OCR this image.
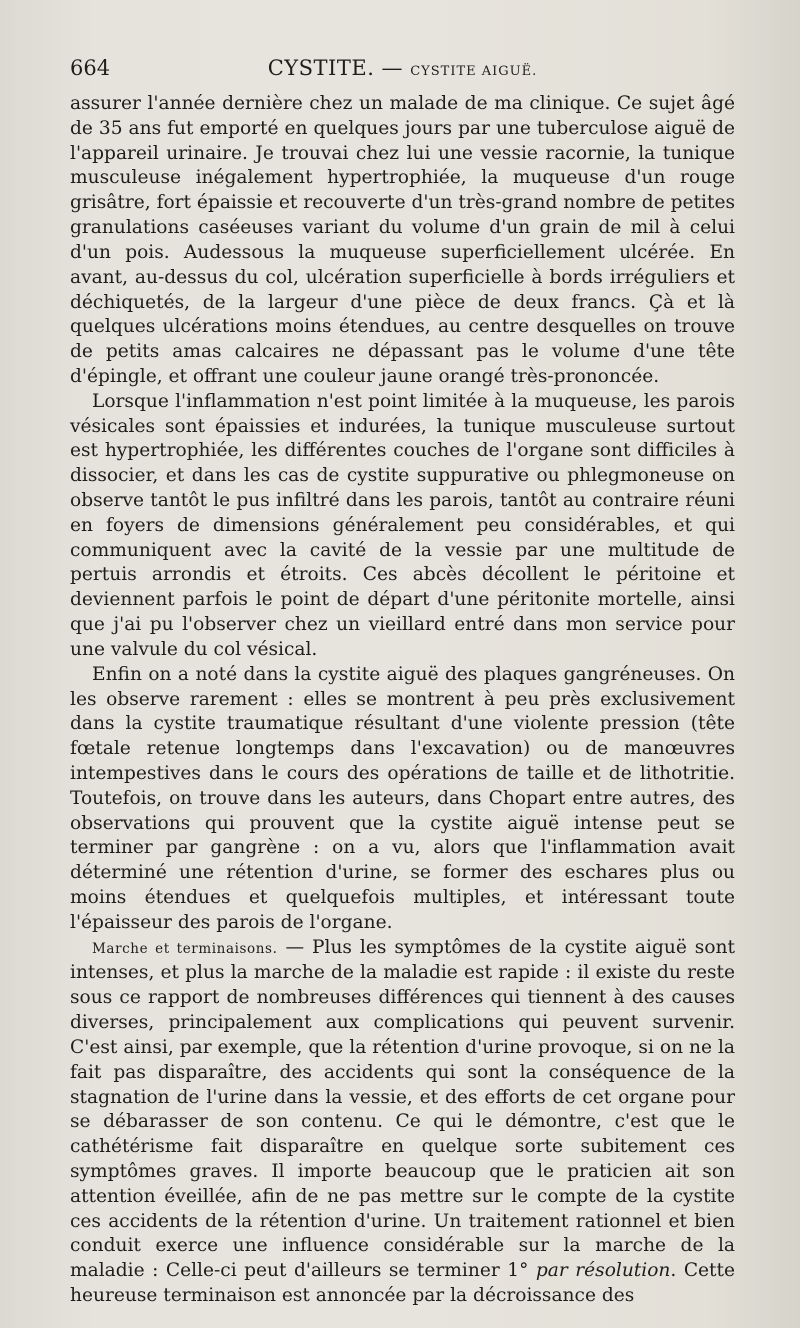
664	CYSTITE. — CYSTITE AIGUË.

assurer l'année dernière chez un malade de ma clinique. Ce sujet âgé de 35 ans fut emporté en quelques jours par une tuberculose aiguë de l'appareil urinaire. Je trouvai chez lui une vessie racornie, la tunique musculeuse inégalement hypertrophiée, la muqueuse d'un rouge grisâtre, fort épaissie et recouverte d'un très-grand nombre de petites granulations caséeuses variant du volume d'un grain de mil à celui d'un pois. Audessous la muqueuse superficiellement ulcérée. En avant, au-dessus du col, ulcération superficielle à bords irréguliers et déchiquetés, de la largeur d'une pièce de deux francs. Çà et là quelques ulcérations moins étendues, au centre desquelles on trouve de petits amas calcaires ne dépassant pas le volume d'une tête d'épingle, et offrant une couleur jaune orangé très-prononcée.

Lorsque l'inflammation n'est point limitée à la muqueuse, les parois vésicales sont épaissies et indurées, la tunique musculeuse surtout est hypertrophiée, les différentes couches de l'organe sont difficiles à dissocier, et dans les cas de cystite suppurative ou phlegmoneuse on observe tantôt le pus infiltré dans les parois, tantôt au contraire réuni en foyers de dimensions généralement peu considérables, et qui communiquent avec la cavité de la vessie par une multitude de pertuis arrondis et étroits. Ces abcès décollent le péritoine et deviennent parfois le point de départ d'une péritonite mortelle, ainsi que j'ai pu l'observer chez un vieillard entré dans mon service pour une valvule du col vésical.

Enfin on a noté dans la cystite aiguë des plaques gangréneuses. On les observe rarement : elles se montrent à peu près exclusivement dans la cystite traumatique résultant d'une violente pression (tête fœtale retenue longtemps dans l'excavation) ou de manœuvres intempestives dans le cours des opérations de taille et de lithotritie. Toutefois, on trouve dans les auteurs, dans Chopart entre autres, des observations qui prouvent que la cystite aiguë intense peut se terminer par gangrène : on a vu, alors que l'inflammation avait déterminé une rétention d'urine, se former des eschares plus ou moins étendues et quelquefois multiples, et intéressant toute l'épaisseur des parois de l'organe.

Marche et terminaisons. — Plus les symptômes de la cystite aiguë sont intenses, et plus la marche de la maladie est rapide : il existe du reste sous ce rapport de nombreuses différences qui tiennent à des causes diverses, principalement aux complications qui peuvent survenir. C'est ainsi, par exemple, que la rétention d'urine provoque, si on ne la fait pas disparaître, des accidents qui sont la conséquence de la stagnation de l'urine dans la vessie, et des efforts de cet organe pour se débarasser de son contenu. Ce qui le démontre, c'est que le cathétérisme fait disparaître en quelque sorte subitement ces symptômes graves. Il importe beaucoup que le praticien ait son attention éveillée, afin de ne pas mettre sur le compte de la cystite ces accidents de la rétention d'urine. Un traitement rationnel et bien conduit exerce une influence considérable sur la marche de la maladie : Celle-ci peut d'ailleurs se terminer 1° par résolution. Cette heureuse terminaison est annoncée par la décroissance des
